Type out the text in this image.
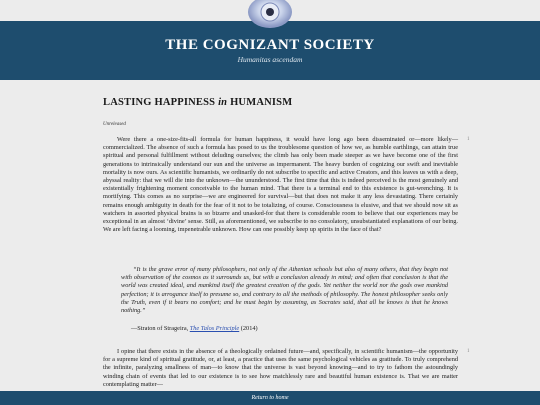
THE COGNIZANT SOCIETY
Humanitas ascendam
LASTING HAPPINESS in HUMANISM
Unreleased

Were there a one-size-fits-all formula for human happiness, it would have long ago been disseminated or—more likely—commercialized. The absence of such a formula has posed to us the troublesome question of how we, as humble earthlings, can attain true spiritual and personal fulfillment without deluding ourselves; the climb has only been made steeper as we have become one of the first generations to intrinsically understand our sun and the universe as impermanent. The heavy burden of cognizing our swift and inevitable mortality is now ours. As scientific humanists, we ordinarily do not subscribe to specific and active Creators, and this leaves us with a deep, abyssal reality: that we will die into the unknown—the ununderstood. The first time that this is indeed perceived is the most genuinely and existentially frightening moment conceivable to the human mind. That there is a terminal end to this existence is gut-wrenching. It is mortifying. This comes as no surprise—we are engineered for survival—but that does not make it any less devastating. There certainly remains enough ambiguity in death for the fear of it not to be totalizing, of course. Consciousness is elusive, and that we should now sit as watchers in assorted physical brains is so bizarre and unasked-for that there is considerable room to believe that our experiences may be exceptional in an almost ‘divine’ sense. Still, as aforementioned, we subscribe to no consolatory, unsubstantiated explanations of our being. We are left facing a looming, impenetrable unknown. How can one possibly keep up spirits in the face of that?

1
“It is the grave error of many philosophers, not only of the Athenian schools but also of many others, that they begin not with observation of the cosmos as it surrounds us, but with a conclusion already in mind; and often that conclusion is that the world was created ideal, and mankind itself the greatest creation of the gods. Yet neither the world nor the gods owe mankind perfection; it is arrogance itself to presume so, and contrary to all the methods of philosophy. The honest philosopher seeks only the Truth, even if it bears no comfort; and he must begin by assuming, as Socrates said, that all he knows is that he knows nothing.”
—Straton of Strageira, The Talos Principle (2014)

I opine that there exists in the absence of a theologically ordained future—and, specifically, in scientific humanism—the opportunity for a supreme kind of spiritual gratitude, or, at least, a practice that uses the same psychological vehicles as gratitude. To truly comprehend the infinite, paralyzing smallness of man—to know that the universe is vast beyond knowing—and to try to fathom the astoundingly winding chain of events that led to our existence is to see how matchlessly rare and beautiful human existence is. That we are matter contemplating matter—

1
Return to home
